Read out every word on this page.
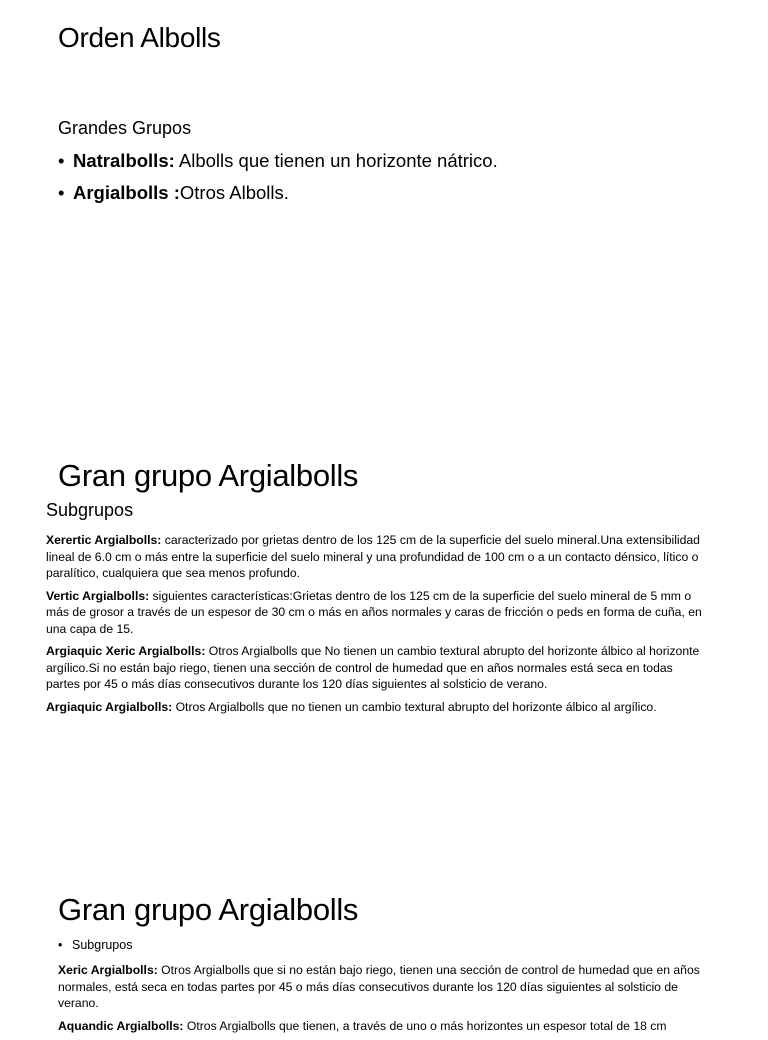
Orden Albolls
Grandes Grupos
• Natralbolls: Albolls que tienen un horizonte nátrico.
• Argialbolls :Otros Albolls.
Gran grupo Argialbolls
Subgrupos

Xerertic Argialbolls: caracterizado por grietas dentro de los 125 cm de la superficie del suelo mineral.Una extensibilidad lineal de 6.0 cm o más entre la superficie del suelo mineral y una profundidad de 100 cm o a un contacto dénsico, lítico o paralítico, cualquiera que sea menos profundo.

Vertic Argialbolls: siguientes características:Grietas dentro de los 125 cm de la superficie del suelo mineral de 5 mm o más de grosor a través de un espesor de 30 cm o más en años normales y caras de fricción o peds en forma de cuña, en una capa de 15.

Argiaquic Xeric Argialbolls: Otros Argialbolls que No tienen un cambio textural abrupto del horizonte álbico al horizonte argílico.Si no están bajo riego, tienen una sección de control de humedad que en años normales está seca en todas partes por 45 o más días consecutivos durante los 120 días siguientes al solsticio de verano.

Argiaquic Argialbolls: Otros Argialbolls que no tienen un cambio textural abrupto del horizonte álbico al argílico.

Gran grupo Argialbolls
• Subgrupos

Xeric Argialbolls: Otros Argialbolls que si no están bajo riego, tienen una sección de control de humedad que en años normales, está seca en todas partes por 45 o más días consecutivos durante los 120 días siguientes al solsticio de verano.

Aquandic Argialbolls: Otros Argialbolls que tienen, a través de uno o más horizontes un espesor total de 18 cm
